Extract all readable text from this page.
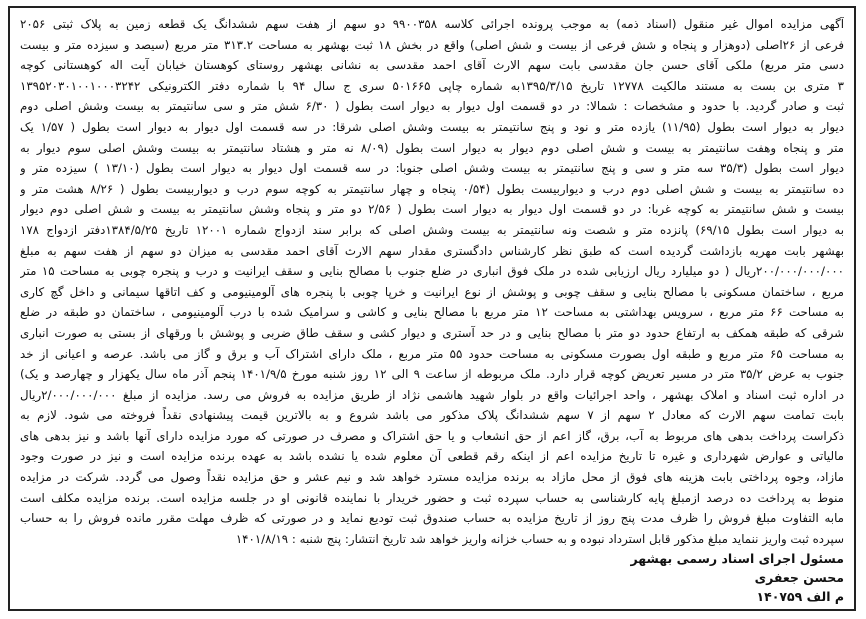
آگهی مزایده اموال غیر منقول (اسناد ذمه) به موجب پرونده اجرائی کلاسه ۹۹۰۰۳۵۸ دو سهم از هفت سهم ششدانگ یک قطعه زمین به پلاک ثبتی ۲۰۵۶
فرعی از ۲۶اصلی (دوهزار و پنجاه و شش فرعی از بیست و شش اصلی) واقع در بخش ۱۸ ثبت بهشهر به مساحت ۳۱۳.۲ متر مربع (سیصد و سیزده متر و بیست
دسی متر مربع) ملکی آقای حسن جان مقدسی بابت سهم الارث آقای احمد مقدسی به نشانی بهشهر روستای کوهستان خیابان آیت اله کوهستانی کوچه
۳ متری بن بست به مستند مالکیت ۱۲۷۷۸ تاریخ ۱۳۹۵/۳/۱۵به شماره چاپی ۵۰۱۶۶۵ سری ج سال ۹۴ با شماره دفتر الکترونیکی ۱۳۹۵۲۰۳۰۱۰۰۱۰۰۰۳۲۴۲
ثبت و صادر گردید. با حدود و مشخصات : شمالا: در دو قسمت اول دیوار به دیوار است بطول ( ۶/۳۰ شش متر و سی سانتیمتر به بیست وشش اصلی دوم
دیوار به دیوار است بطول (۱۱/۹۵) یازده متر و نود و پنج سانتیمتر به بیست وشش اصلی شرقا: در سه قسمت اول دیوار به دیوار است بطول ( ۱/۵۷ یک
متر و پنجاه وهفت سانتیمتر به بیست و شش اصلی دوم دیوار به دیوار است بطول (۸/۰۹ نه متر و هشتاد سانتیمتر به بیست وشش اصلی سوم دیوار به
دیوار است بطول (۳۵/۳ سه متر و سی و پنج سانتیمتر به بیست وشش اصلی جنوبا: در سه قسمت اول دیوار به دیوار است بطول (۱۳/۱۰ ) سیزده متر و
ده سانتیمتر به بیست و شش اصلی دوم درب و دیواربیست بطول (۰/۵۴ پنجاه و چهار سانتیمتر به کوچه سوم درب و دیواربیست بطول ( ۸/۲۶ هشت متر و
بیست و شش سانتیمتر به کوچه غربا: در دو قسمت اول دیوار به دیوار است بطول ( ۲/۵۶ دو متر و پنجاه وشش سانتیمتر به بیست و شش اصلی دوم دیوار
به دیوار است بطول ۶۹/۱۵) پانزده متر و شصت ونه سانتیمتر به بیست وشش اصلی که برابر سند ازدواج شماره ۱۲۰۰۱ تاریخ ۱۳۸۴/۵/۲۵دفتر ازدواج ۱۷۸
بهشهر بابت مهریه بازداشت گردیده است که طبق نظر کارشناس دادگستری مقدار سهم الارث آقای احمد مقدسی به میزان دو سهم از هفت سهم به مبلغ
۲۰۰/۰۰۰/۰۰۰/۰۰۰ریال ( دو میلیارد ریال ارزیابی شده در ملک فوق انباری در ضلع جنوب با مصالح بنایی و سقف ایرانیت و درب و پنجره چوبی به مساحت ۱۵ متر
مربع ، ساختمان مسکونی با مصالح بنایی و سقف چوبی و پوشش از نوع ایرانیت و خرپا چوبی با پنجره های آلومینیومی و کف اتاقها سیمانی و داخل گچ کاری
به مساحت ۶۶ متر مربع ، سرویس بهداشتی به مساحت ۱۲ متر مربع با مصالح بنایی و کاشی و سرامیک شده با درب آلومینیومی ، ساختمان دو طبقه در ضلع
شرقی که طبقه همکف به ارتفاع حدود دو متر با مصالح بنایی و در حد آستری و دیوار کشی و سقف طاق ضربی و پوشش با ورقهای از بستی به صورت انباری
به مساحت ۶۵ متر مربع و طبقه اول بصورت مسکونی به مساحت حدود ۵۵ متر مربع ، ملک دارای اشتراک آب و برق و گاز می باشد. عرصه و اعیانی از خد
جنوب به عرض ۳۵/۲ متر در مسیر تعریض کوچه قرار دارد. ملک مربوطه از ساعت ۹ الی ۱۲ روز شنبه مورخ ۱۴۰۱/۹/۵ پنجم آذر ماه سال یکهزار و چهارصد و یک)
در اداره ثبت اسناد و املاک بهشهر ، واحد اجرائیات واقع در بلوار شهید هاشمی نژاد از طریق مزایده به فروش می رسد. مزایده از مبلغ ۲/۰۰۰/۰۰۰/۰۰۰ریال
بابت تمامت سهم الارث که معادل ۲ سهم از ۷ سهم ششدانگ پلاک مذکور می باشد شروع و به بالاترین قیمت پیشنهادی نقداً فروخته می شود. لازم به
ذکراست پرداخت بدهی های مربوط به آب، برق، گاز اعم از حق انشعاب و یا حق اشتراک و مصرف در صورتی که مورد مزایده دارای آنها باشد و نیز بدهی های
مالیاتی و عوارض شهرداری و غیره تا تاریخ مزایده اعم از اینکه رقم قطعی آن معلوم شده یا نشده باشد به عهده برنده مزایده است و نیز در صورت وجود
مازاد، وجوه پرداختی بابت هزینه های فوق از محل مازاد به برنده مزایده مسترد خواهد شد و نیم عشر و حق مزایده نقداً وصول می گردد. شرکت در مزایده
منوط به پرداخت ده درصد ازمبلغ پایه کارشناسی به حساب سپرده ثبت و حضور خریدار با نماینده قانونی او در جلسه مزایده است. برنده مزایده مکلف است
مابه التفاوت مبلغ فروش را ظرف مدت پنج روز از تاریخ مزایده به حساب صندوق ثبت تودیع نماید و در صورتی که ظرف مهلت مقرر مانده فروش را به حساب
سپرده ثبت واریز ننماید مبلغ مذکور قابل استرداد نبوده و به حساب خزانه واریز خواهد شد تاریخ انتشار: پنج شنبه : ۱۴۰۱/۸/۱۹
مسئول اجرای اسناد رسمی بهشهر
محسن جعفری
م الف ۱۴۰۷۵۹
